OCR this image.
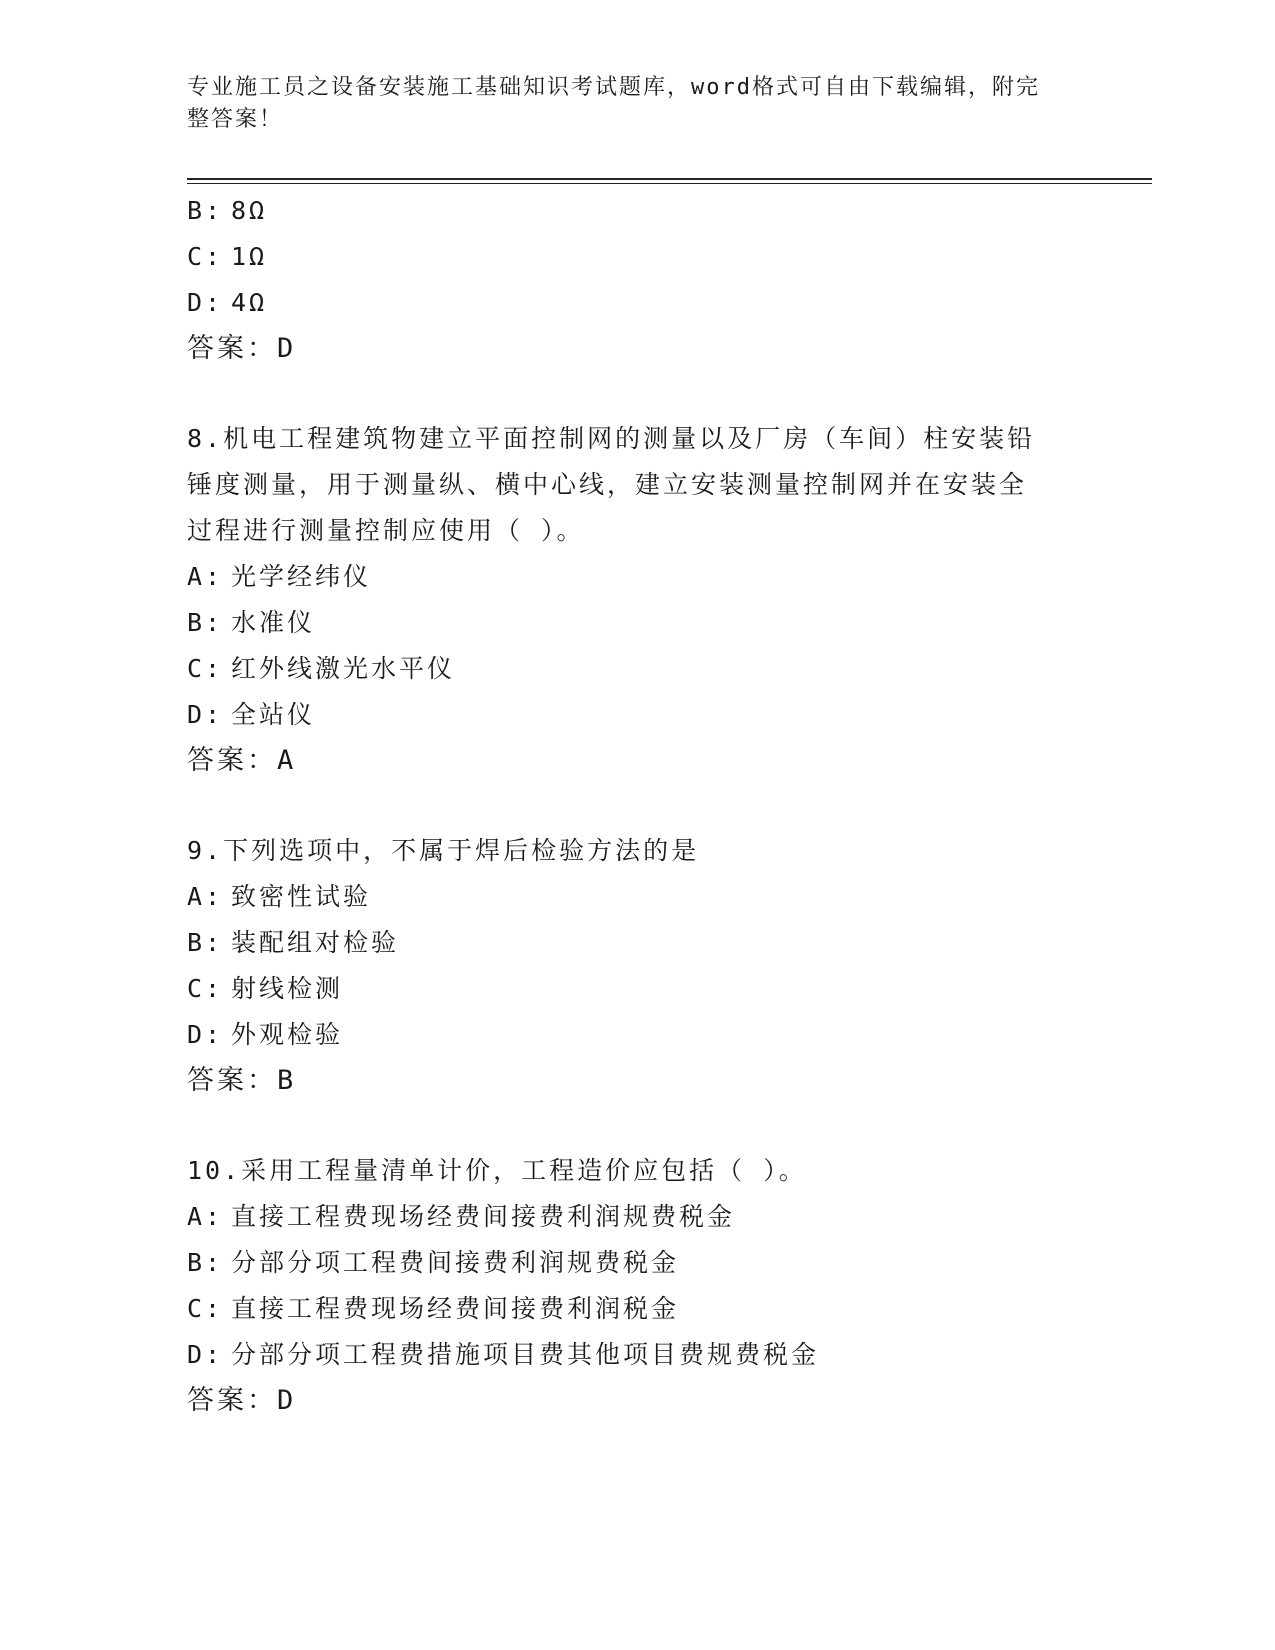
专业施工员之设备安装施工基础知识考试题库，word格式可自由下载编辑，附完
整答案！
B: 8Ω
C: 1Ω
D: 4Ω
答案：D
8.机电工程建筑物建立平面控制网的测量以及厂房（车间）柱安装铅
锤度测量，用于测量纵、横中心线，建立安装测量控制网并在安装全
过程进行测量控制应使用（ ）。
A: 光学经纬仪
B: 水准仪
C: 红外线激光水平仪
D: 全站仪
答案：A
9.下列选项中，不属于焊后检验方法的是
A: 致密性试验
B: 装配组对检验
C: 射线检测
D: 外观检验
答案：B
10.采用工程量清单计价，工程造价应包括（ ）。
A: 直接工程费现场经费间接费利润规费税金
B: 分部分项工程费间接费利润规费税金
C: 直接工程费现场经费间接费利润税金
D: 分部分项工程费措施项目费其他项目费规费税金
答案：D
